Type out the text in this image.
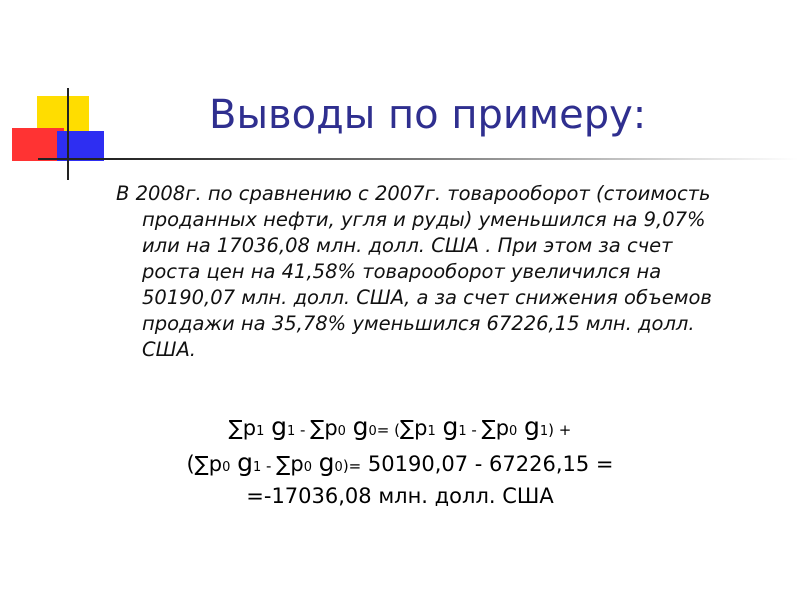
Выводы по примеру:

В 2008г. по сравнению с 2007г. товарооборот (стоимость
проданных нефти, угля и руды) уменьшился на 9,07%
или на 17036,08 млн. долл. США . При этом за счет
роста цен на 41,58% товарооборот увеличился на
50190,07 млн. долл. США, а за счет снижения объемов
продажи на 35,78% уменьшился 67226,15 млн. долл.
США.

∑p1 g1 - ∑p0 g0= (∑p1 g1 - ∑p0 g1) +
(∑p0 g1 - ∑p0 g0)= 50190,07 - 67226,15 =
=-17036,08 млн. долл. США
